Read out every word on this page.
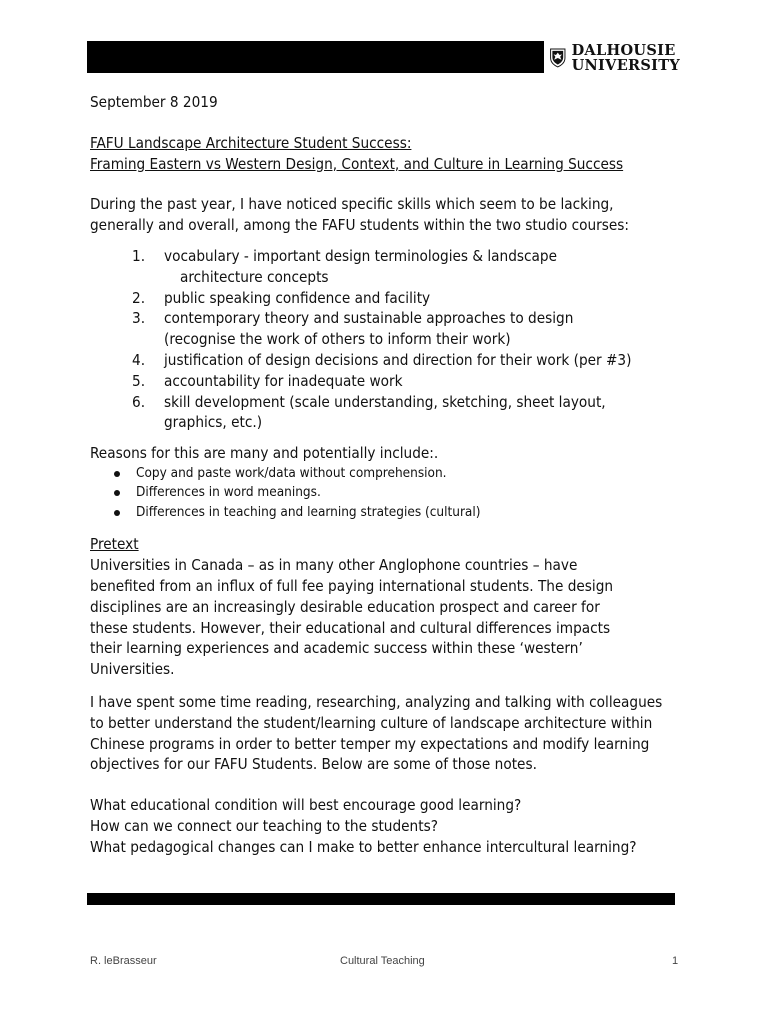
DALHOUSIE
UNIVERSITY

September 8 2019

FAFU Landscape Architecture Student Success:

Framing Eastern vs Western Design, Context, and Culture in Learning Success

During the past year, I have noticed specific skills which seem to be lacking, generally and overall, among the FAFU students within the two studio courses:

1. vocabulary - important design terminologies & landscape
architecture concepts
2. public speaking confidence and facility
3. contemporary theory and sustainable approaches to design (recognise the work of others to inform their work)
4. justification of design decisions and direction for their work (per #3)
5. accountability for inadequate work
6. skill development (scale understanding, sketching, sheet layout, graphics, etc.)

Reasons for this are many and potentially include:.

Copy and paste work/data without comprehension.
Differences in word meanings.
Differences in teaching and learning strategies (cultural)

Pretext

Universities in Canada – as in many other Anglophone countries – have benefited from an influx of full fee paying international students. The design disciplines are an increasingly desirable education prospect and career for these students. However, their educational and cultural differences impacts their learning experiences and academic success within these ‘western’ Universities.

I have spent some time reading, researching, analyzing and talking with colleagues to better understand the student/learning culture of landscape architecture within Chinese programs in order to better temper my expectations and modify learning objectives for our FAFU Students. Below are some of those notes.

What educational condition will best encourage good learning?

How can we connect our teaching to the students?

What pedagogical changes can I make to better enhance intercultural learning?

R. leBrasseur	Cultural Teaching	1
